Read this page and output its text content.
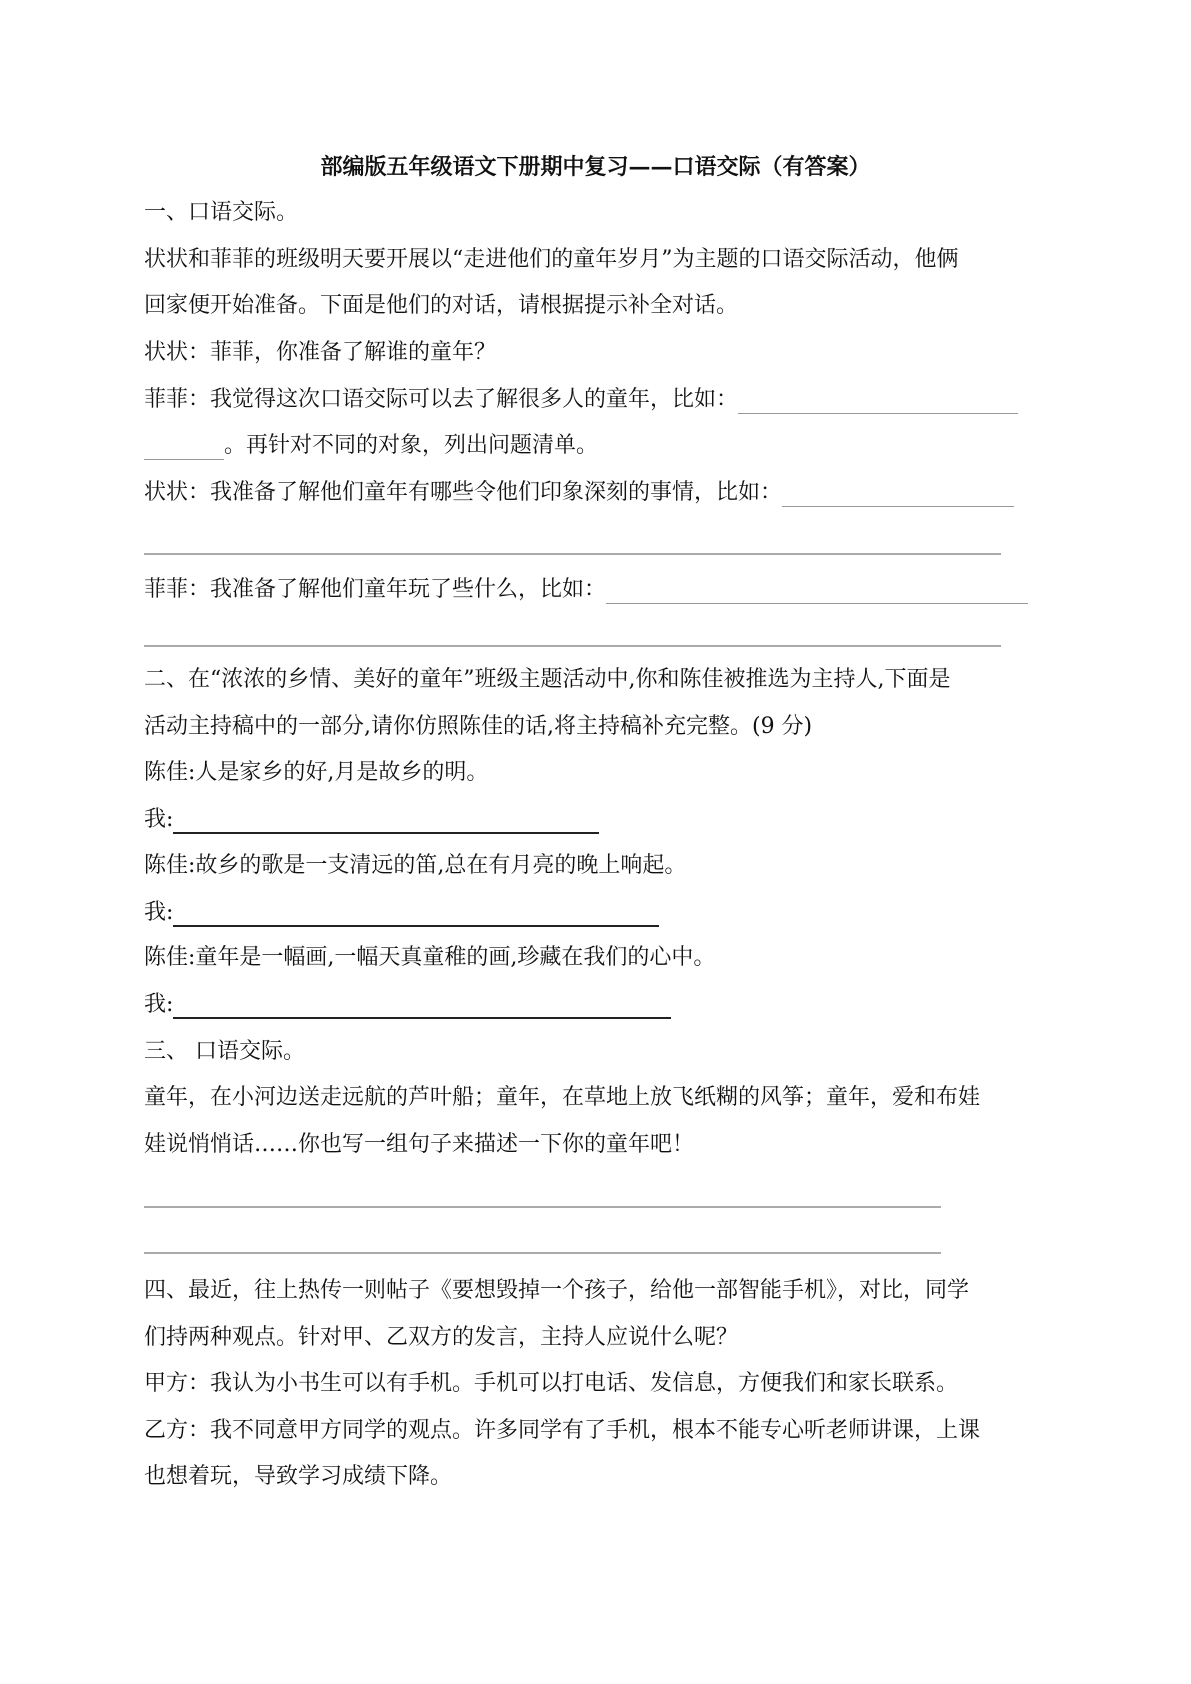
部编版五年级语文下册期中复习——口语交际（有答案）
一、口语交际。
状状和菲菲的班级明天要开展以“走进他们的童年岁月”为主题的口语交际活动，他俩
回家便开始准备。下面是他们的对话，请根据提示补全对话。
状状：菲菲，你准备了解谁的童年？
菲菲：我觉得这次口语交际可以去了解很多人的童年，比如：
。再针对不同的对象，列出问题清单。
状状：我准备了解他们童年有哪些令他们印象深刻的事情，比如：
菲菲：我准备了解他们童年玩了些什么，比如：
二、在“浓浓的乡情、美好的童年”班级主题活动中,你和陈佳被推选为主持人,下面是
活动主持稿中的一部分,请你仿照陈佳的话,将主持稿补充完整。(9 分)
陈佳:人是家乡的好,月是故乡的明。
我:
陈佳:故乡的歌是一支清远的笛,总在有月亮的晚上响起。
我:
陈佳:童年是一幅画,一幅天真童稚的画,珍藏在我们的心中。
我:
三、 口语交际。
童年，在小河边送走远航的芦叶船；童年，在草地上放飞纸糊的风筝；童年，爱和布娃
娃说悄悄话……你也写一组句子来描述一下你的童年吧！
四、最近，往上热传一则帖子《要想毁掉一个孩子，给他一部智能手机》，对比，同学
们持两种观点。针对甲、乙双方的发言，主持人应说什么呢？
甲方：我认为小书生可以有手机。手机可以打电话、发信息，方便我们和家长联系。
乙方：我不同意甲方同学的观点。许多同学有了手机，根本不能专心听老师讲课，上课
也想着玩，导致学习成绩下降。
